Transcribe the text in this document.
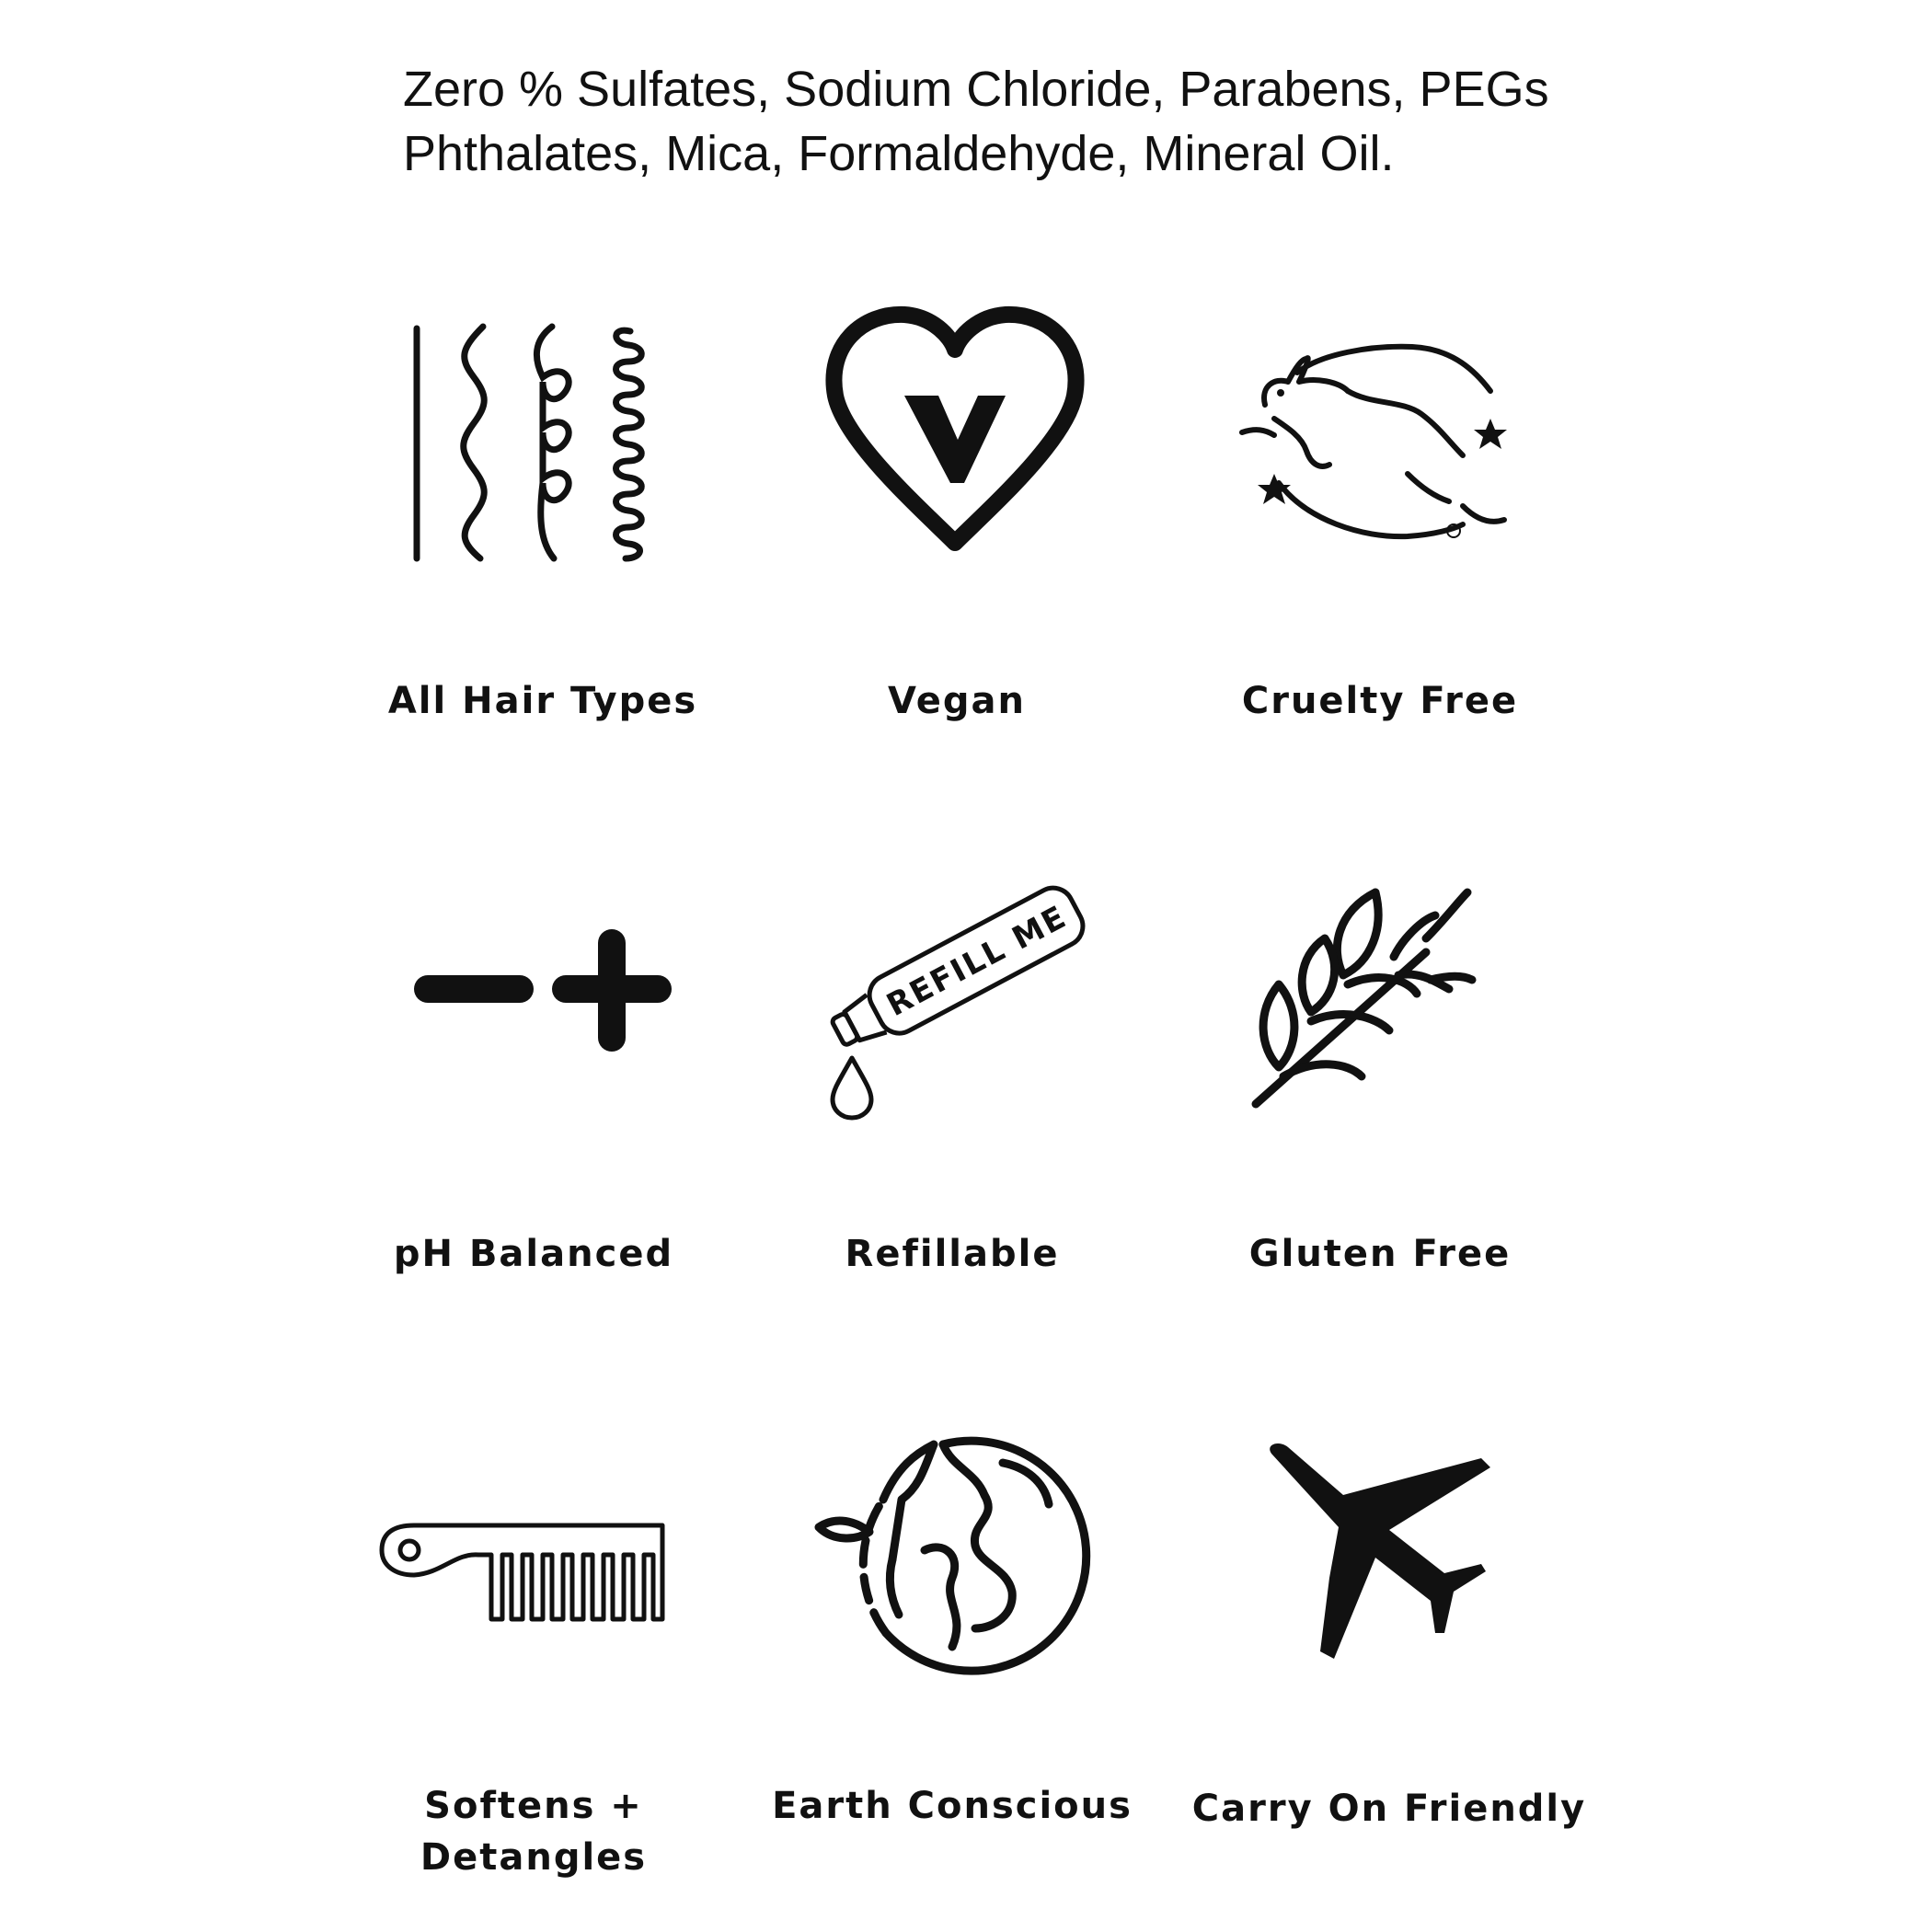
Zero % Sulfates, Sodium Chloride, Parabens, PEGs
Phthalates, Mica, Formaldehyde, Mineral Oil.
All Hair Types	Vegan	Cruelty Free
pH Balanced
REFILL ME
Refillable	Gluten Free
Softens +
Detangles
Earth Conscious Carry On Friendly
